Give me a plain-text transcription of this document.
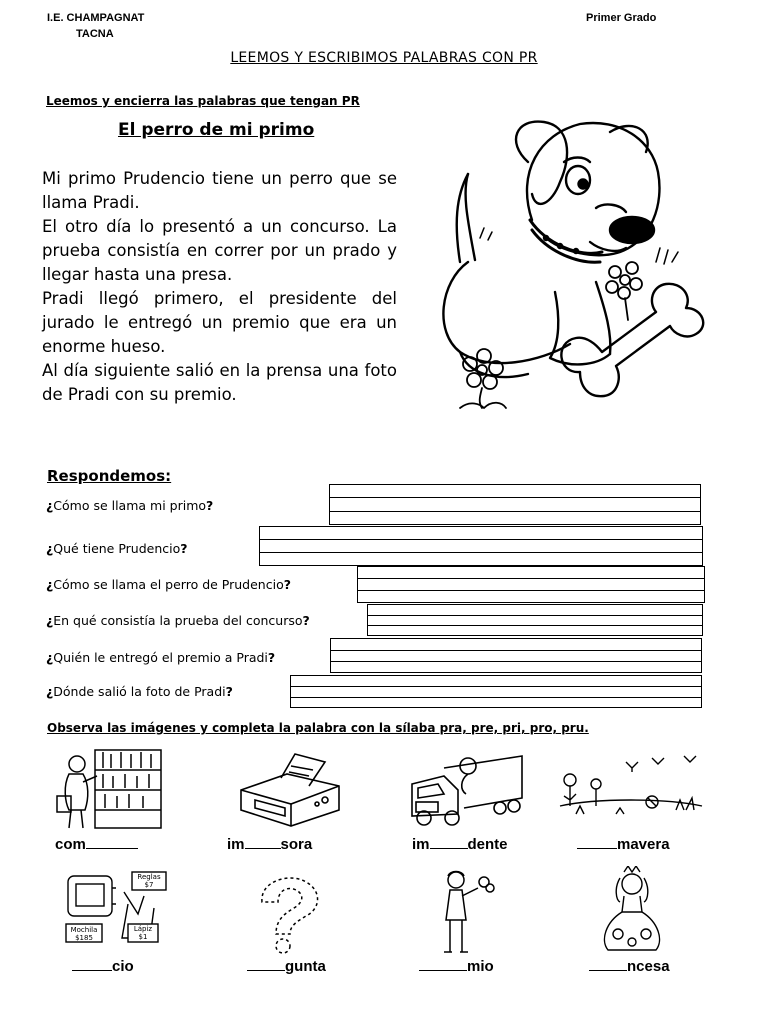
I.E. CHAMPAGNAT
TACNA
Primer Grado
LEEMOS Y ESCRIBIMOS PALABRAS CON PR
Leemos y encierra las palabras que tengan PR
El perro de mi primo

Mi primo Prudencio tiene un perro que se llama Pradi.

El otro día lo presentó a un concurso. La prueba consistía en correr por un prado y llegar hasta una presa.

Pradi llegó primero, el presidente del jurado le entregó un premio que era un enorme hueso.

Al día siguiente salió en la prensa una foto de Pradi con su premio.

Respondemos:
¿Cómo se llama mi primo?
¿Qué tiene Prudencio?
¿Cómo se llama el perro de Prudencio?
¿En qué consistía la prueba del concurso?
¿Quién le entregó el premio a Pradi?
¿Dónde salió la foto de Pradi?
Observa las imágenes y completa la palabra con la sílaba pra, pre, pri, pro, pru.
com	im sora	im	dente	mavera
Mochila
$185
Reglas
$7
Lápiz
$1
cio	gunta	mio	ncesa
